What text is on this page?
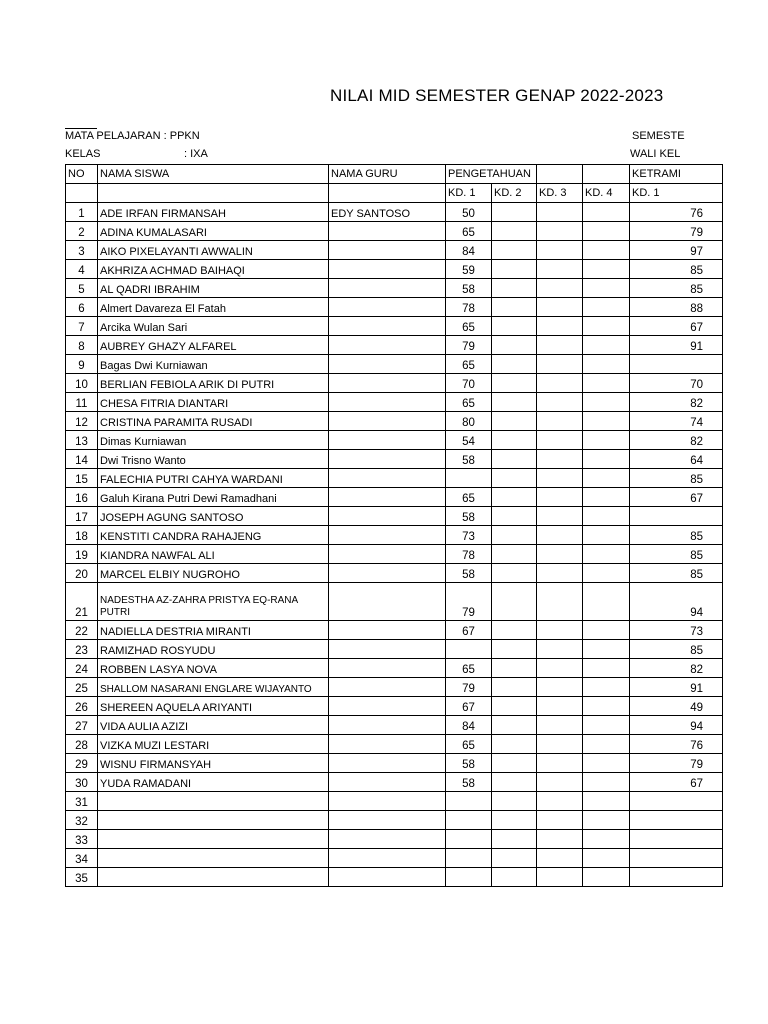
NILAI MID SEMESTER GENAP 2022-2023
MATA PELAJARAN : PPKN
KELAS	: IXA
SEMESTE
WALI KEL
NO	NAMA SISWA	NAMA GURU	PENGETAHUAN				KETRAMI
			KD. 1	KD. 2	KD. 3	KD. 4	KD. 1
1	ADE IRFAN FIRMANSAH	EDY SANTOSO	50				76
2	ADINA KUMALASARI		65				79
3	AIKO PIXELAYANTI AWWALIN		84				97
4	AKHRIZA ACHMAD BAIHAQI		59				85
5	AL QADRI IBRAHIM		58				85
6	Almert Davareza El Fatah		78				88
7	Arcika Wulan Sari		65				67
8	AUBREY GHAZY ALFAREL		79				91
9	Bagas Dwi Kurniawan		65				
10	BERLIAN FEBIOLA ARIK DI PUTRI		70				70
11	CHESA FITRIA DIANTARI		65				82
12	CRISTINA PARAMITA RUSADI		80				74
13	Dimas Kurniawan		54				82
14	Dwi Trisno Wanto		58				64
15	FALECHIA PUTRI CAHYA WARDANI						85
16	Galuh Kirana Putri Dewi Ramadhani		65				67
17	JOSEPH AGUNG SANTOSO		58				
18	KENSTITI CANDRA RAHAJENG		73				85
19	KIANDRA NAWFAL ALI		78				85
20	MARCEL ELBIY NUGROHO		58				85
21	NADESTHA AZ-ZAHRA PRISTYA EQ-RANA PUTRI		79				94
22	NADIELLA DESTRIA MIRANTI		67				73
23	RAMIZHAD ROSYUDU						85
24	ROBBEN LASYA NOVA		65				82
25	SHALLOM NASARANI ENGLARE WIJAYANTO		79				91
26	SHEREEN AQUELA ARIYANTI		67				49
27	VIDA AULIA AZIZI		84				94
28	VIZKA MUZI LESTARI		65				76
29	WISNU FIRMANSYAH		58				79
30	YUDA RAMADANI		58				67
31							
32							
33							
34							
35							
